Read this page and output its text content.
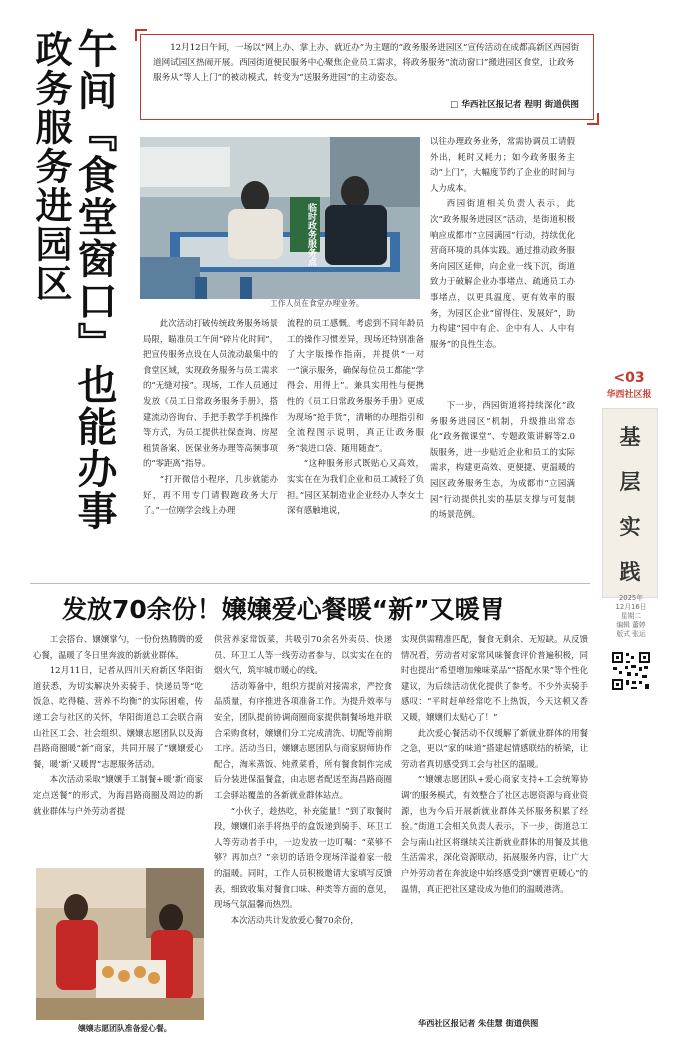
政务服务进园区 午间『食堂窗口』也能办事	12月12日午间，一场以“网上办、掌上办、就近办”为主题的“政务服务进园区”宣传活动在成都高新区西园街道网试园区热闹开展。西园街道便民服务中心聚焦企业员工需求，将政务服务“流动窗口”搬进园区食堂，让政务服务从“等人上门”的被动模式，转变为“送服务进园”的主动姿态。
□ 华西社区报记者 程明 街道供图
临时政务服务点
工作人员在食堂办理业务。

以往办理政务业务，常需协调员工请假外出，耗时又耗力；如今政务服务主动“上门”，大幅度节约了企业的时间与人力成本。

西园街道相关负责人表示，此次“政务服务进园区”活动，是街道积极响应成都市“立园满园”行动，持续优化营商环境的具体实践。通过推动政务服务向园区延伸，向企业一线下沉，街道致力于破解企业办事堵点、疏通员工办事堵点，以更具温度、更有效率的服务，为园区企业“留得住、发展好”，助力构建“园中有企、企中有人、人中有服务”的良性生态。

此次活动打破传统政务服务场景局限，瞄准员工午间“碎片化时间”，把宣传服务点设在人员流动最集中的食堂区域，实现政务服务与员工需求的“无缝对接”。现场，工作人员通过发放《员工日常政务服务手册》，搭建流动咨询台、手把手教学手机操作等方式，为员工提供社保查询、房屋租赁备案、医保业务办理等高频事项的“零距离”指导。

“打开微信小程序，几步就能办好，再不用专门请假跑政务大厅了。”一位刚学会线上办理

流程的员工感慨。考虑到不同年龄员工的操作习惯差异，现场还特别准备了大字版操作指南，并提供“一对一”演示服务，确保每位员工都能“学得会、用得上”。兼具实用性与便携性的《员工日常政务服务手册》更成为现场“抢手货”，清晰的办理指引和全流程图示说明，真正让政务服务“装进口袋、随用随查”。

“这种服务形式既贴心又高效，实实在在为我们企业和员工减轻了负担。”园区某制造业企业经办人李女士深有感触地说，

下一步，西园街道将持续深化“政务服务进园区”机制，升级推出常态化“政务微课堂”、专题政策讲解等2.0版服务，进一步贴近企业和员工的实际需求，构建更高效、更便捷、更温暖的园区政务服务生态，为成都市“立园满园”行动提供扎实的基层支撑与可复制的场景范例。

<03
华西社区报
基
层
实
践
2025年
12月16日
星期二
编辑 蕭婷
版式 张运
发放70余份！嬢嬢爱心餐暖“新”又暖胃

工会搭台、嬢嬢掌勺，一份份热腾腾的爱心餐，温暖了冬日里奔波的新就业群体。

12月11日，记者从四川天府新区华阳街道获悉，为切实解决外卖骑手、快递员等“吃饭急、吃得糙、营养不均衡”的实际困难，传递工会与社区的关怀，华阳街道总工会联合南山社区工会、社会组织、嬢嬢志愿团队以及海昌路商圈暖“新”商家，共同开展了“嬢嬢爱心餐，暖‘新’又暖胃”志愿服务活动。

本次活动采取“嬢嬢手工制餐+暖‘新’商家定点送餐”的形式，为海昌路商圈及周边的新就业群体与户外劳动者提

供营养家常饭菜，共吸引70余名外卖员、快递员、环卫工人等一线劳动者参与，以实实在在的烟火气，筑牢城市暖心的线。

活动筹备中，组织方提前对接需求，严控食品质量，有序推进各项准备工作。为提升效率与安全，团队提前协调商圈商家提供制餐场地并联合采购食材，嬢嬢们分工完成清洗、切配等前期工序。活动当日，嬢嬢志愿团队与商家厨师协作配合，淘米蒸饭、炖煮菜肴，所有餐食制作完成后分装进保温餐盒，由志愿者配送至海昌路商圈工会驿站覆盖的各新就业群体站点。

“小伙子，趁热吃，补充能量！”到了取餐时段，嬢嬢们亲手将热乎的盒饭递到骑手、环卫工人等劳动者手中，一边发放一边叮嘱：“菜够不够？再加点？”亲切的话语令现场洋溢着家一般的温暖。同时，工作人员积极邀请大家填写反馈表，细致收集对餐食口味、种类等方面的意见，现场气氛温馨而热烈。

本次活动共计发放爱心餐70余份，

实现供需精准匹配，餐食无剩余、无短缺。从反馈情况看，劳动者对家常风味餐食评价普遍积极，同时也提出“希望增加辣味菜品”“搭配水果”等个性化建议，为后续活动优化提供了参考。不少外卖骑手感叹：“平时赶单经常吃不上热饭，今天这顿又香又暖，嬢嬢们太贴心了！”

此次爱心餐活动不仅缓解了新就业群体的用餐之急，更以“家的味道”搭建起情感联结的桥梁，让劳动者真切感受到工会与社区的温暖。

“‘嬢嬢志愿团队+爱心商家支持+工会统筹协调’的服务模式，有效整合了社区志愿资源与商业资源，也为今后开展新就业群体关怀服务积累了经验。”街道工会相关负责人表示，下一步，街道总工会与南山社区将继续关注新就业群体的用餐及其他生活需求，深化资源联动，拓展服务内容，让广大户外劳动者在奔波途中始终感受到“嬢胃更暖心”的温情，真正把社区建设成为他们的温暖港湾。

嬢嬢志愿团队准备爱心餐。
华西社区报记者 朱佳慧 街道供图
